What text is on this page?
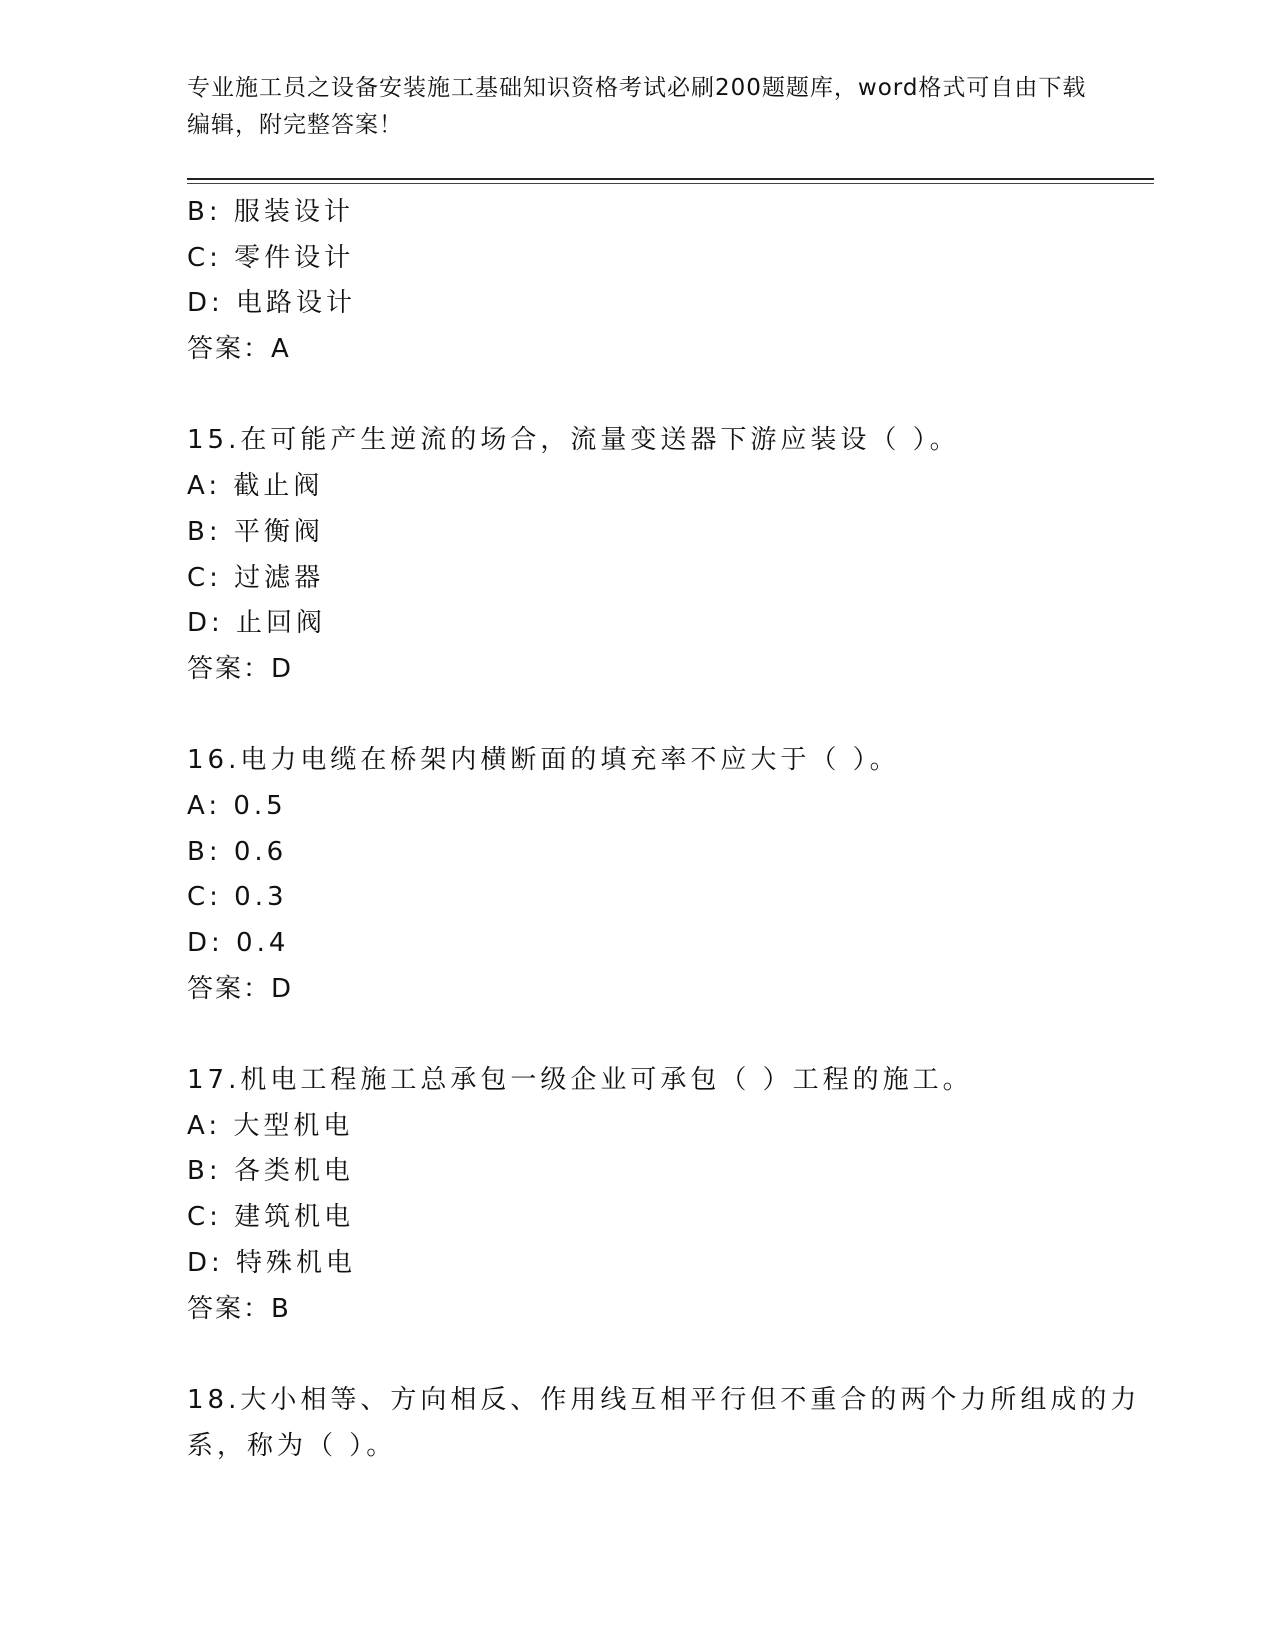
专业施工员之设备安装施工基础知识资格考试必刷200题题库，word格式可自由下载编辑，附完整答案！
B: 服装设计
C: 零件设计
D: 电路设计
答案：A
15.在可能产生逆流的场合，流量变送器下游应装设（ ）。
A: 截止阀
B: 平衡阀
C: 过滤器
D: 止回阀
答案：D
16.电力电缆在桥架内横断面的填充率不应大于（ ）。
A: 0.5
B: 0.6
C: 0.3
D: 0.4
答案：D
17.机电工程施工总承包一级企业可承包（ ）工程的施工。
A: 大型机电
B: 各类机电
C: 建筑机电
D: 特殊机电
答案：B
18.大小相等、方向相反、作用线互相平行但不重合的两个力所组成的力系，称为（ ）。
